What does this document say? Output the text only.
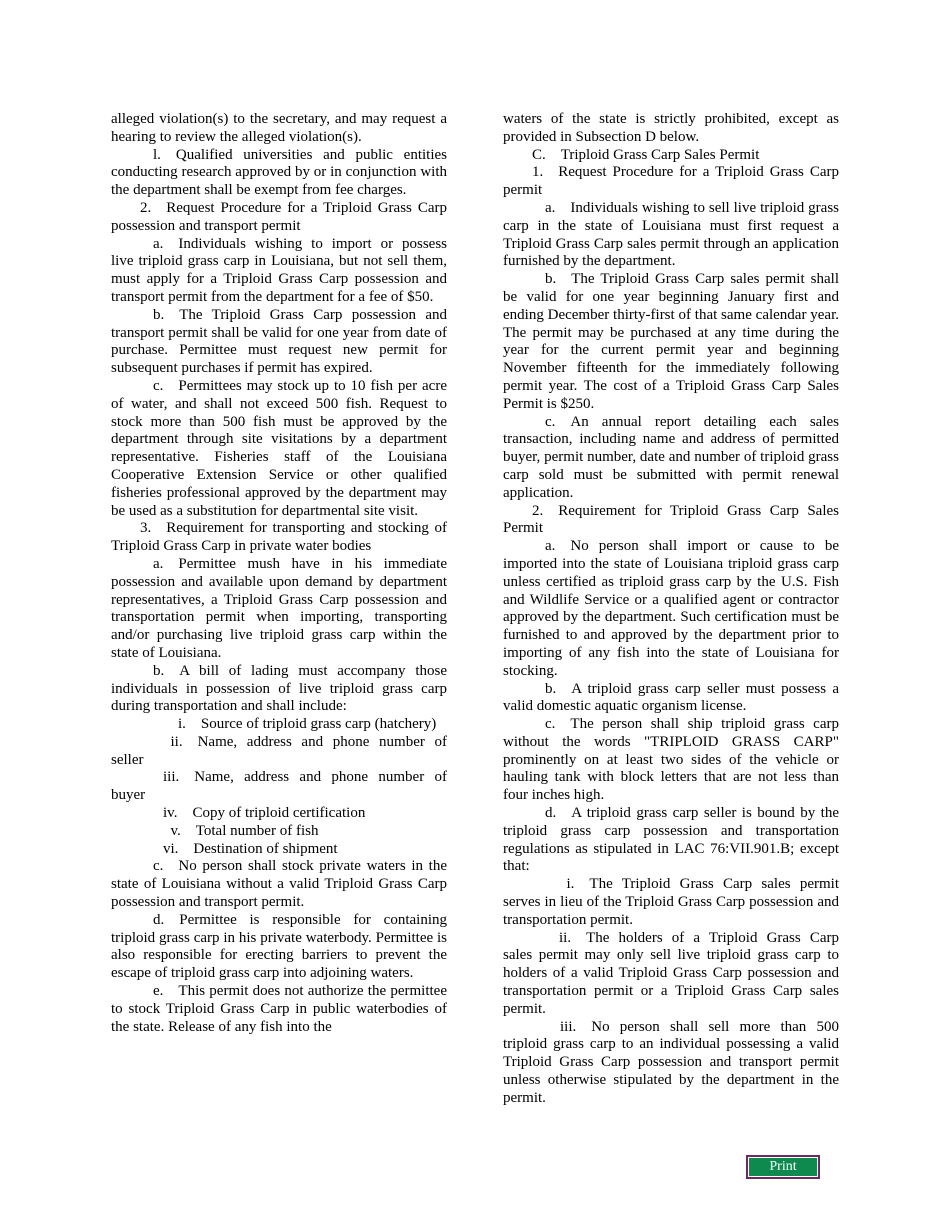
alleged violation(s) to the secretary, and may request a hearing to review the alleged violation(s).

l. Qualified universities and public entities conducting research approved by or in conjunction with the department shall be exempt from fee charges.

2. Request Procedure for a Triploid Grass Carp possession and transport permit

a. Individuals wishing to import or possess live triploid grass carp in Louisiana, but not sell them, must apply for a Triploid Grass Carp possession and transport permit from the department for a fee of $50.

b. The Triploid Grass Carp possession and transport permit shall be valid for one year from date of purchase. Permittee must request new permit for subsequent purchases if permit has expired.

c. Permittees may stock up to 10 fish per acre of water, and shall not exceed 500 fish. Request to stock more than 500 fish must be approved by the department through site visitations by a department representative. Fisheries staff of the Louisiana Cooperative Extension Service or other qualified fisheries professional approved by the department may be used as a substitution for departmental site visit.

3. Requirement for transporting and stocking of Triploid Grass Carp in private water bodies

a. Permittee mush have in his immediate possession and available upon demand by department representatives, a Triploid Grass Carp possession and transportation permit when importing, transporting and/or purchasing live triploid grass carp within the state of Louisiana.

b. A bill of lading must accompany those individuals in possession of live triploid grass carp during transportation and shall include:

  i. Source of triploid grass carp (hatchery)

 ii. Name, address and phone number of seller

iii. Name, address and phone number of buyer

iv. Copy of triploid certification

 v. Total number of fish

vi. Destination of shipment

c. No person shall stock private waters in the state of Louisiana without a valid Triploid Grass Carp possession and transport permit.

d. Permittee is responsible for containing triploid grass carp in his private waterbody. Permittee is also responsible for erecting barriers to prevent the escape of triploid grass carp into adjoining waters.

e. This permit does not authorize the permittee to stock Triploid Grass Carp in public waterbodies of the state. Release of any fish into the

waters of the state is strictly prohibited, except as provided in Subsection D below.

C. Triploid Grass Carp Sales Permit

1. Request Procedure for a Triploid Grass Carp permit

a. Individuals wishing to sell live triploid grass carp in the state of Louisiana must first request a Triploid Grass Carp sales permit through an application furnished by the department.

b. The Triploid Grass Carp sales permit shall be valid for one year beginning January first and ending December thirty-first of that same calendar year. The permit may be purchased at any time during the year for the current permit year and beginning November fifteenth for the immediately following permit year. The cost of a Triploid Grass Carp Sales Permit is $250.

c. An annual report detailing each sales transaction, including name and address of permitted buyer, permit number, date and number of triploid grass carp sold must be submitted with permit renewal application.

2. Requirement for Triploid Grass Carp Sales Permit

a. No person shall import or cause to be imported into the state of Louisiana triploid grass carp unless certified as triploid grass carp by the U.S. Fish and Wildlife Service or a qualified agent or contractor approved by the department. Such certification must be furnished to and approved by the department prior to importing of any fish into the state of Louisiana for stocking.

b. A triploid grass carp seller must possess a valid domestic aquatic organism license.

c. The person shall ship triploid grass carp without the words "TRIPLOID GRASS CARP" prominently on at least two sides of the vehicle or hauling tank with block letters that are not less than four inches high.

d. A triploid grass carp seller is bound by the triploid grass carp possession and transportation regulations as stipulated in LAC 76:VII.901.B; except that:

 i. The Triploid Grass Carp sales permit serves in lieu of the Triploid Grass Carp possession and transportation permit.

ii. The holders of a Triploid Grass Carp sales permit may only sell live triploid grass carp to holders of a valid Triploid Grass Carp possession and transportation permit or a Triploid Grass Carp sales permit.

  iii. No person shall sell more than 500 triploid grass carp to an individual possessing a valid Triploid Grass Carp possession and transport permit unless otherwise stipulated by the department in the permit.

Print
